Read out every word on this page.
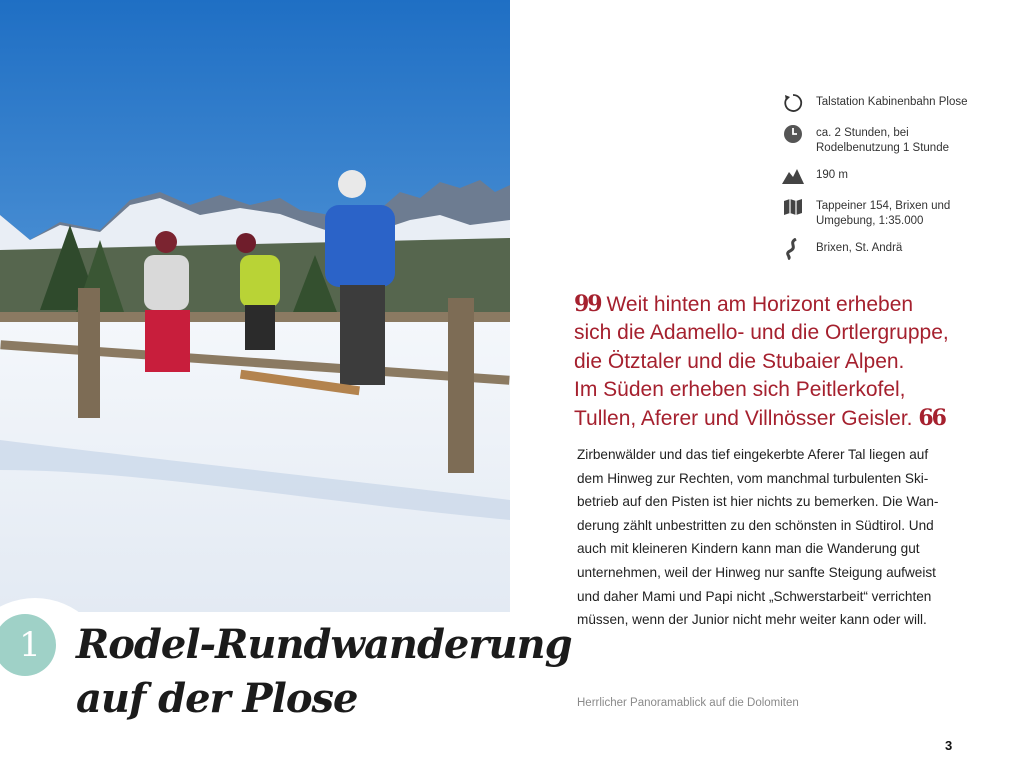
1 Rodel-Rundwanderung
auf der Plose
Talstation Kabinenbahn Plose
ca. 2 Stunden, bei Rodelbenutzung 1 Stunde
190 m
Tappeiner 154, Brixen und Umgebung, 1:35.000
Brixen, St. Andrä
99 Weit hinten am Horizont erheben
sich die Adamello- und die Ortlergruppe,
die Ötztaler und die Stubaier Alpen.
Im Süden erheben sich Peitlerkofel,
Tullen, Aferer und Villnösser Geisler. 66
Zirbenwälder und das tief eingekerbte Aferer Tal liegen auf
dem Hinweg zur Rechten, vom manchmal turbulenten Ski-
betrieb auf den Pisten ist hier nichts zu bemerken. Die Wan-
derung zählt unbestritten zu den schönsten in Südtirol. Und
auch mit kleineren Kindern kann man die Wanderung gut
unternehmen, weil der Hinweg nur sanfte Steigung aufweist
und daher Mami und Papi nicht „Schwerstarbeit“ verrichten
müssen, wenn der Junior nicht mehr weiter kann oder will.
Herrlicher Panoramablick auf die Dolomiten
3
